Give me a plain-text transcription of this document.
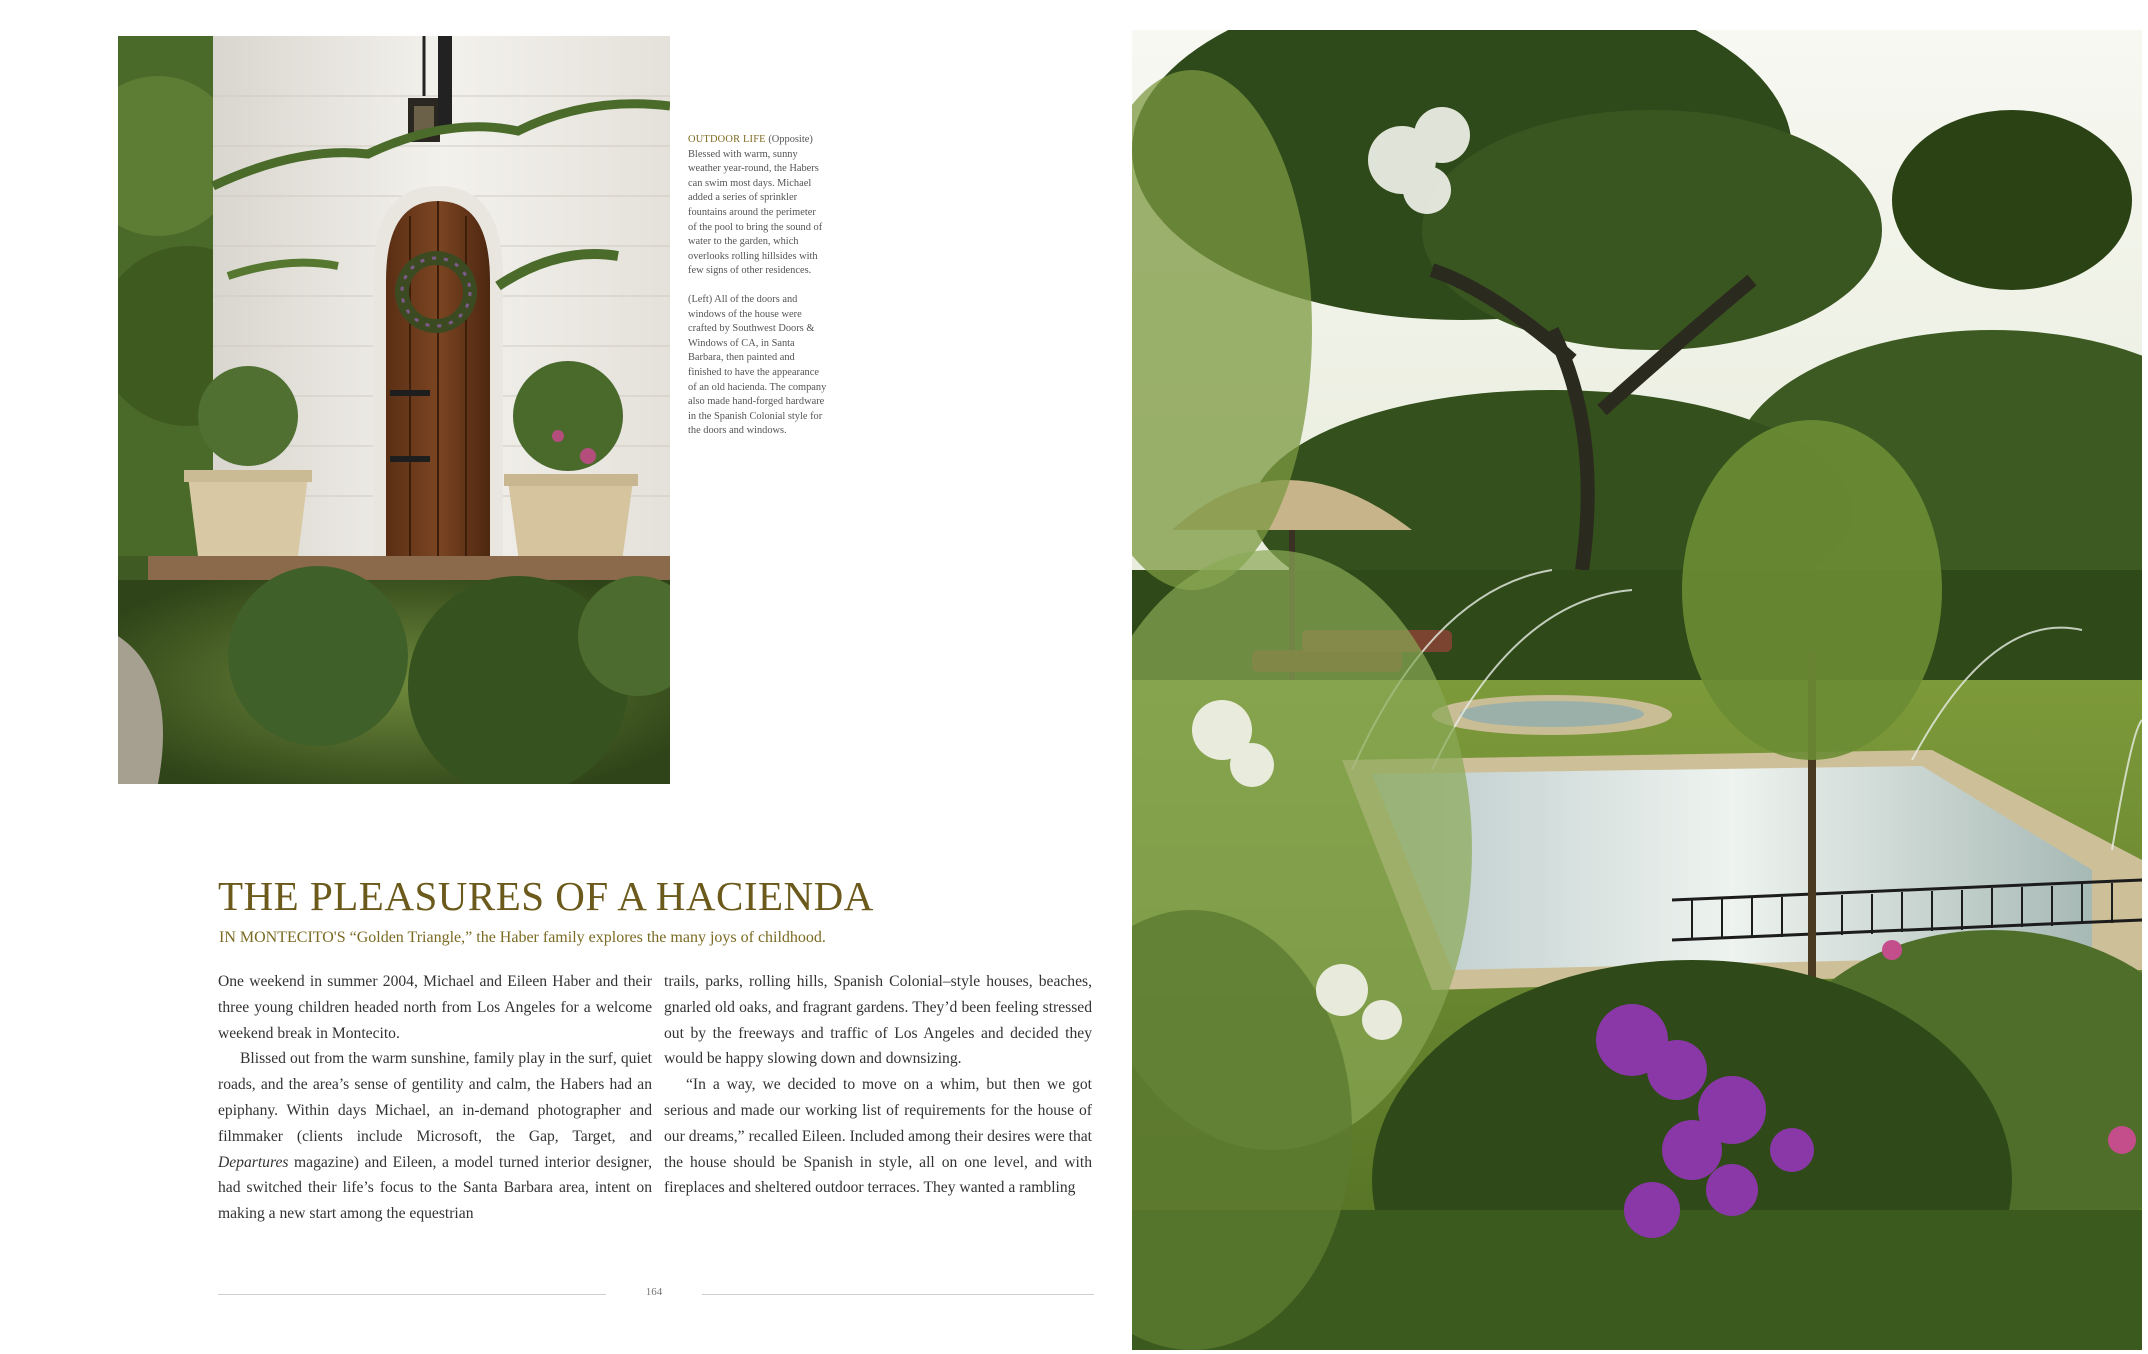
OUTDOOR LIFE (Opposite)
Blessed with warm, sunny
weather year-round, the Habers
can swim most days. Michael
added a series of sprinkler
fountains around the perimeter
of the pool to bring the sound of
water to the garden, which
overlooks rolling hillsides with
few signs of other residences.

(Left) All of the doors and
windows of the house were
crafted by Southwest Doors &
Windows of CA, in Santa
Barbara, then painted and
finished to have the appearance
of an old hacienda. The company
also made hand-forged hardware
in the Spanish Colonial style for
the doors and windows.

THE PLEASURES OF A HACIENDA
IN MONTECITO'S “Golden Triangle,” the Haber family explores the many joys of childhood.

One weekend in summer 2004, Michael and Eileen Haber and their three young children headed north from Los Angeles for a welcome weekend break in Montecito.

Blissed out from the warm sunshine, family play in the surf, quiet roads, and the area’s sense of gentility and calm, the Habers had an epiphany. Within days Michael, an in-demand photographer and filmmaker (clients include Microsoft, the Gap, Target, and Departures magazine) and Eileen, a model turned interior designer, had switched their life’s focus to the Santa Barbara area, intent on making a new start among the equestrian

trails, parks, rolling hills, Spanish Colonial–style houses, beaches, gnarled old oaks, and fragrant gardens. They’d been feeling stressed out by the freeways and traffic of Los Angeles and decided they would be happy slowing down and downsizing.

“In a way, we decided to move on a whim, but then we got serious and made our working list of requirements for the house of our dreams,” recalled Eileen. Included among their desires were that the house should be Spanish in style, all on one level, and with fireplaces and sheltered outdoor terraces. They wanted a rambling

164
